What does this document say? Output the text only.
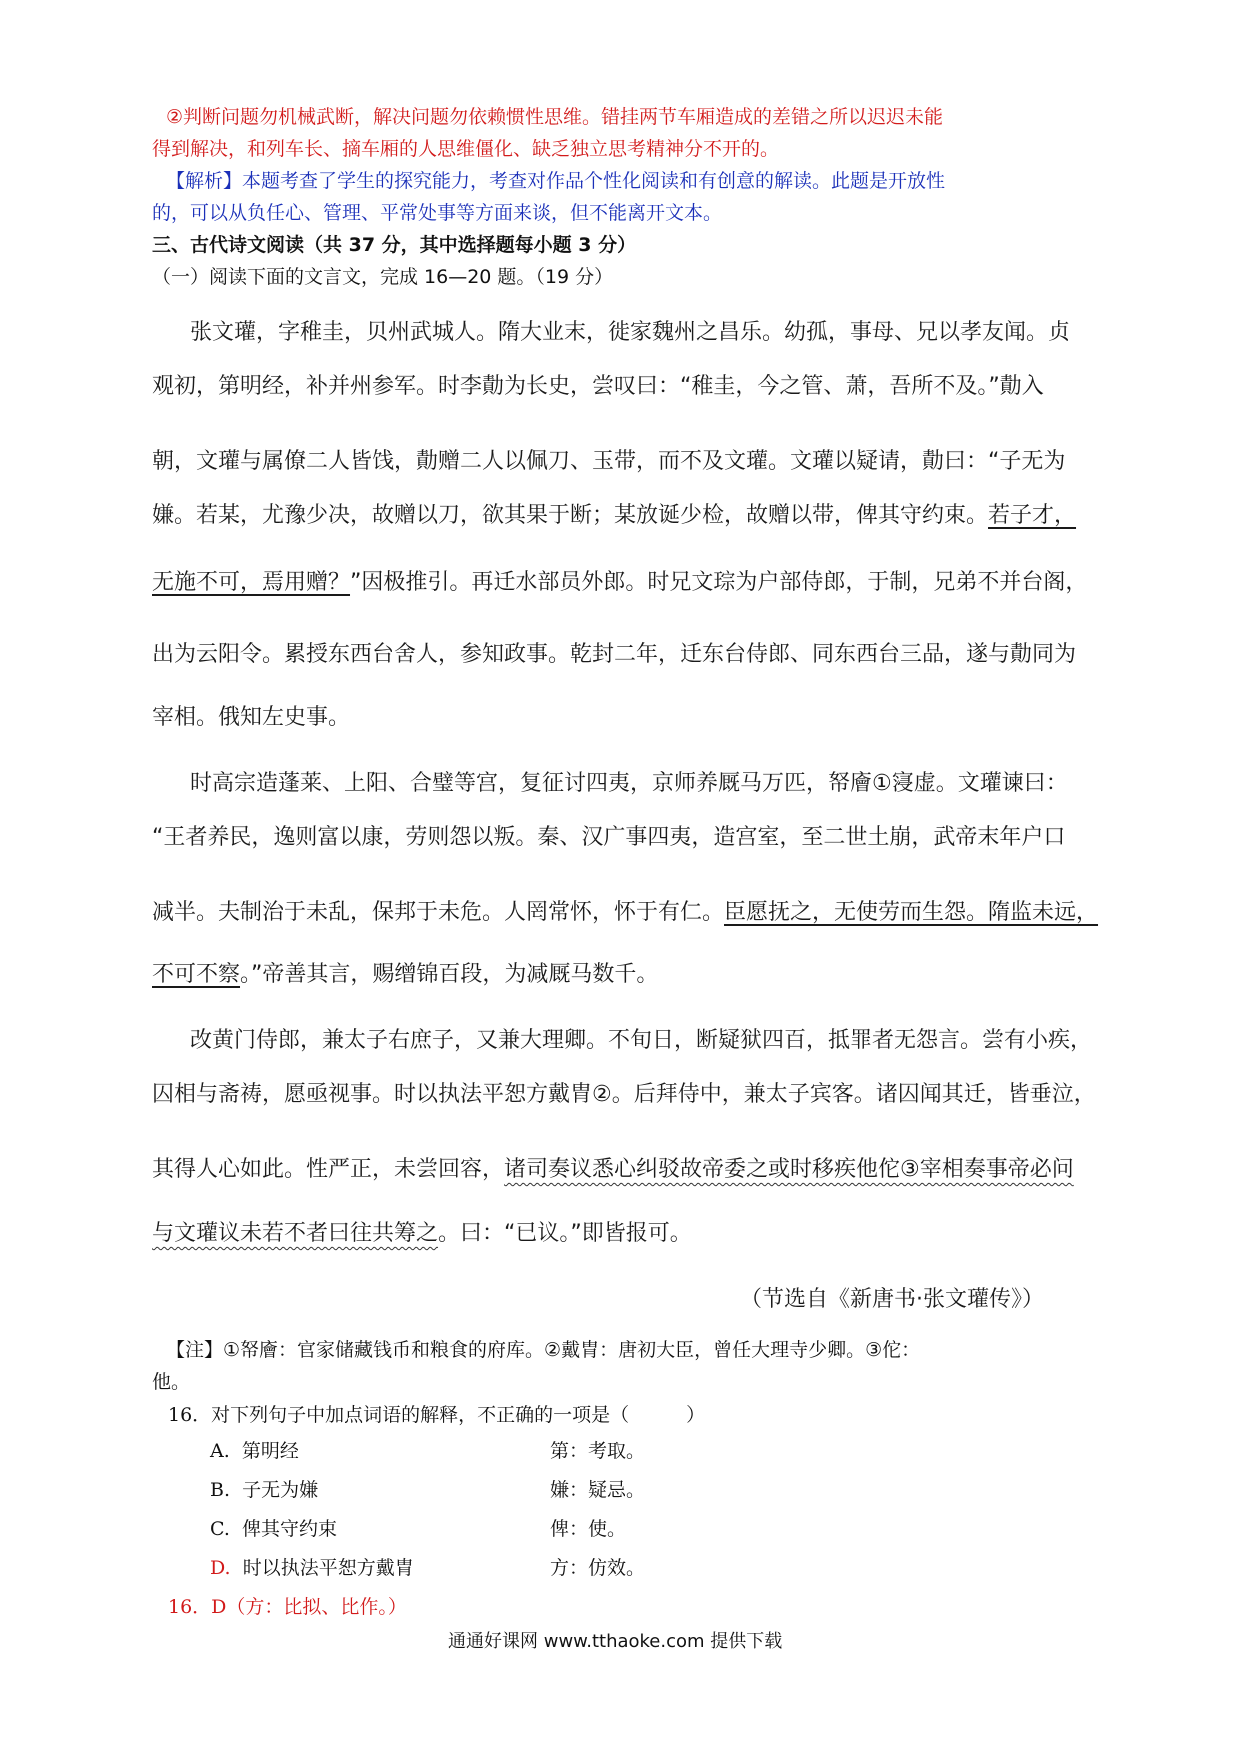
②判断问题勿机械武断，解决问题勿依赖惯性思维。错挂两节车厢造成的差错之所以迟迟未能
得到解决，和列车长、摘车厢的人思维僵化、缺乏独立思考精神分不开的。
【解析】本题考查了学生的探究能力，考查对作品个性化阅读和有创意的解读。此题是开放性
的，可以从负任心、管理、平常处事等方面来谈，但不能离开文本。
三、古代诗文阅读（共 37 分，其中选择题每小题 3 分）
（一）阅读下面的文言文，完成 16—20 题。（19 分）
张文瓘，字稚圭，贝州武城人。隋大业末，徙家魏州之昌乐。幼孤，事母、兄以孝友闻。贞
观初，第明经，补并州参军。时李勣为长史，尝叹曰：“稚圭，今之管、萧，吾所不及。”勣入
朝，文瓘与属僚二人皆饯，勣赠二人以佩刀、玉带，而不及文瓘。文瓘以疑请，勣曰：“子无为
嫌。若某，尤豫少决，故赠以刀，欲其果于断；某放诞少检，故赠以带，俾其守约束。若子才，
无施不可，焉用赠？”因极推引。再迁水部员外郎。时兄文琮为户部侍郎，于制，兄弟不并台阁，
出为云阳令。累授东西台舍人，参知政事。乾封二年，迁东台侍郎、同东西台三品，遂与勣同为
宰相。俄知左史事。
时高宗造蓬莱、上阳、合璧等宫，复征讨四夷，京师养厩马万匹，帑廥①寖虚。文瓘谏曰：
“王者养民，逸则富以康，劳则怨以叛。秦、汉广事四夷，造宫室，至二世土崩，武帝末年户口
减半。夫制治于未乱，保邦于未危。人罔常怀，怀于有仁。臣愿抚之，无使劳而生怨。隋监未远，
不可不察。”帝善其言，赐缯锦百段，为减厩马数千。
改黄门侍郎，兼太子右庶子，又兼大理卿。不旬日，断疑狱四百，抵罪者无怨言。尝有小疾，
囚相与斋祷，愿亟视事。时以执法平恕方戴胄②。后拜侍中，兼太子宾客。诸囚闻其迁，皆垂泣，
其得人心如此。性严正，未尝回容，诸司奏议悉心纠驳故帝委之或时移疾他佗③宰相奏事帝必问
与文瓘议未若不者曰往共筹之。曰：“已议。”即皆报可。
（节选自《新唐书·张文瓘传》）
【注】①帑廥：官家储藏钱币和粮食的府库。②戴胄：唐初大臣，曾任大理寺少卿。③佗：
他。
16．对下列句子中加点词语的解释，不正确的一项是（　　　）
A. 第明经	第：考取。
B. 子无为嫌	嫌：疑忌。
C. 俾其守约束	俾：使。
D. 时以执法平恕方戴胄	方：仿效。
16．D（方：比拟、比作。）
通通好课网 www.tthaoke.com 提供下载
